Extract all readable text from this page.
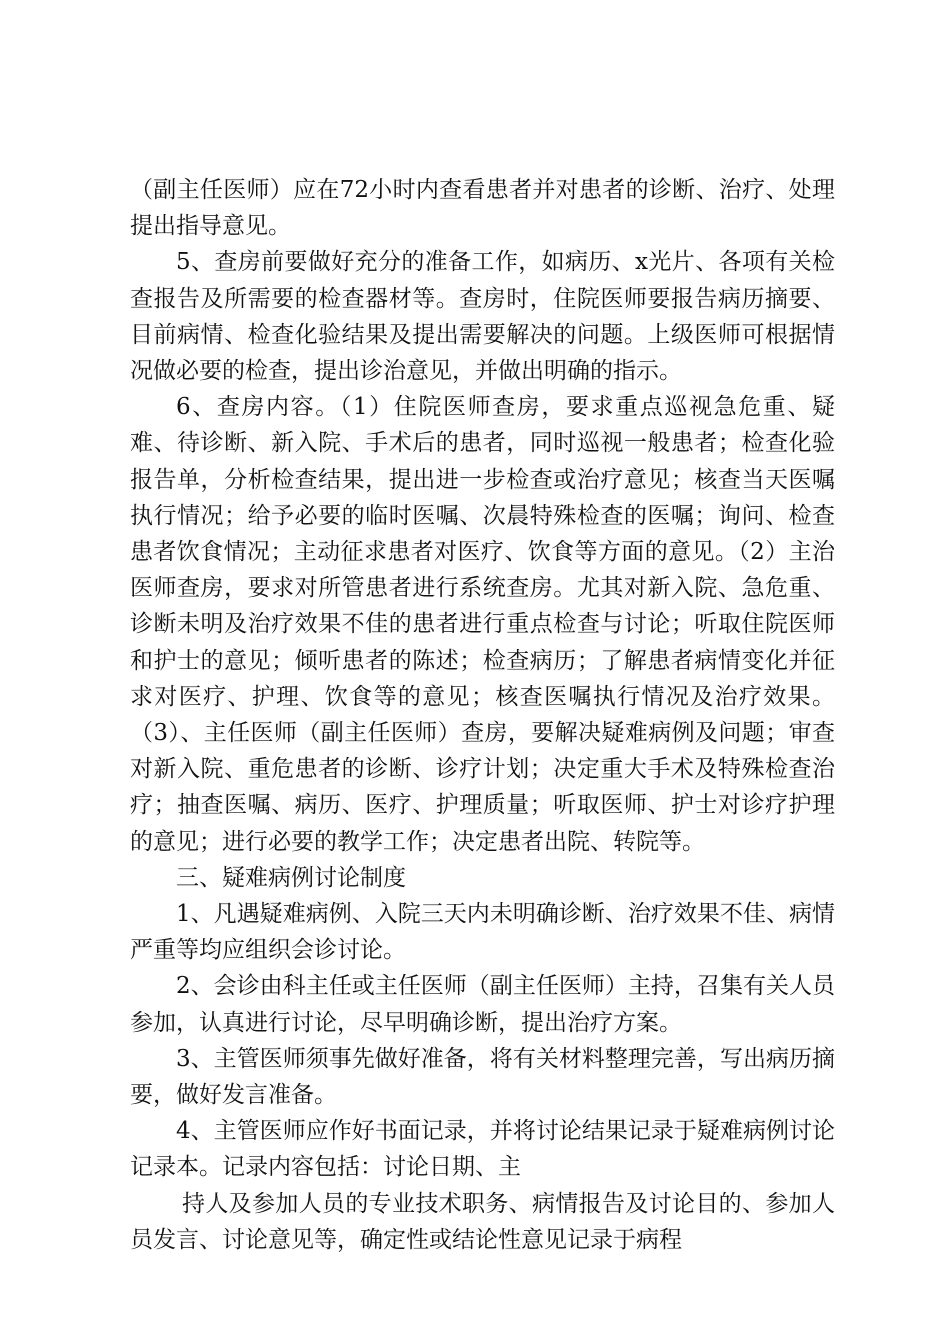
（副主任医师）应在72小时内查看患者并对患者的诊断、治疗、处理提出指导意见。

5、查房前要做好充分的准备工作，如病历、x光片、各项有关检查报告及所需要的检查器材等。查房时，住院医师要报告病历摘要、目前病情、检查化验结果及提出需要解决的问题。上级医师可根据情况做必要的检查，提出诊治意见，并做出明确的指示。

6、查房内容。（1）住院医师查房，要求重点巡视急危重、疑难、待诊断、新入院、手术后的患者，同时巡视一般患者；检查化验报告单，分析检查结果，提出进一步检查或治疗意见；核查当天医嘱执行情况；给予必要的临时医嘱、次晨特殊检查的医嘱；询问、检查患者饮食情况；主动征求患者对医疗、饮食等方面的意见。（2）主治医师查房，要求对所管患者进行系统查房。尤其对新入院、急危重、诊断未明及治疗效果不佳的患者进行重点检查与讨论；听取住院医师和护士的意见；倾听患者的陈述；检查病历；了解患者病情变化并征求对医疗、护理、饮食等的意见；核查医嘱执行情况及治疗效果。（3）、主任医师（副主任医师）查房，要解决疑难病例及问题；审查对新入院、重危患者的诊断、诊疗计划；决定重大手术及特殊检查治疗；抽查医嘱、病历、医疗、护理质量；听取医师、护士对诊疗护理的意见；进行必要的教学工作；决定患者出院、转院等。

三、疑难病例讨论制度

1、凡遇疑难病例、入院三天内未明确诊断、治疗效果不佳、病情严重等均应组织会诊讨论。

2、会诊由科主任或主任医师（副主任医师）主持，召集有关人员参加，认真进行讨论，尽早明确诊断，提出治疗方案。

3、主管医师须事先做好准备，将有关材料整理完善，写出病历摘要，做好发言准备。

4、主管医师应作好书面记录，并将讨论结果记录于疑难病例讨论记录本。记录内容包括：讨论日期、主

持人及参加人员的专业技术职务、病情报告及讨论目的、参加人员发言、讨论意见等，确定性或结论性意见记录于病程
